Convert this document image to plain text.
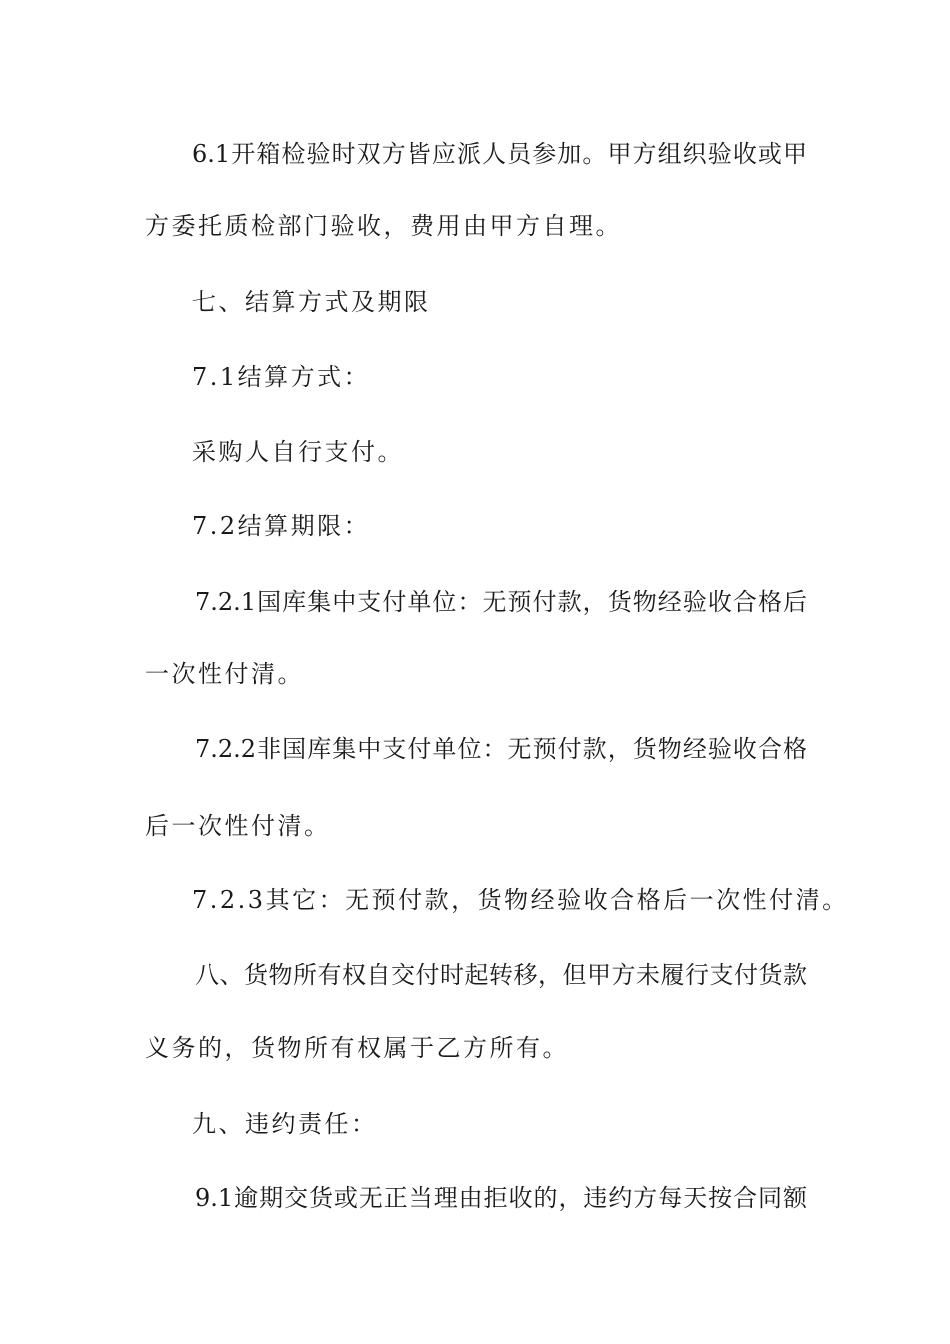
6.1开箱检验时双方皆应派人员参加。甲方组织验收或甲
方委托质检部门验收，费用由甲方自理。
七、结算方式及期限
7.1结算方式：
采购人自行支付。
7.2结算期限：
7.2.1国库集中支付单位：无预付款，货物经验收合格后
一次性付清。
7.2.2非国库集中支付单位：无预付款，货物经验收合格
后一次性付清。
7.2.3其它：无预付款，货物经验收合格后一次性付清。
八、货物所有权自交付时起转移，但甲方未履行支付货款
义务的，货物所有权属于乙方所有。
九、违约责任：
9.1逾期交货或无正当理由拒收的，违约方每天按合同额
